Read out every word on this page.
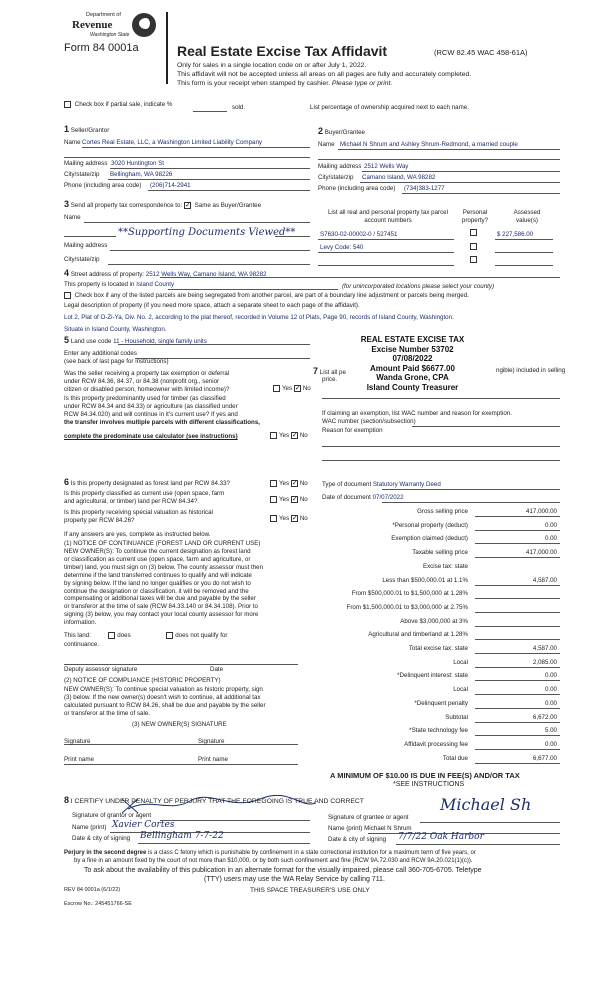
Department of
Revenue
Washington State
Form 84 0001a	Real Estate Excise Tax Affidavit	(RCW 82.45 WAC 458-61A)
Only for sales in a single location code on or after July 1, 2022.
This affidavit will not be accepted unless all areas on all pages are fully and accurately completed.
This form is your receipt when stamped by cashier. Please type or print.
Check box if partial sale, indicate %	sold.	List percentage of ownership acquired next to each name.
1 Seller/Grantor
Name Cortes Real Estate, LLC, a Washington Limited Liability Company
Mailing address 3020 Huntington St
City/state/zip Bellingham, WA 98226
Phone (including area code) (206)714-2941
2 Buyer/Grantee
Name Michael N Shrum and Ashley Shrum-Redmond, a married couple
Mailing address 2512 Wells Way
City/state/zip Camano Island, WA 98282
Phone (including area code) (734)383-1277
3 Send all property tax correspondence to: ✓ Same as Buyer/Grantee
Name
**Supporting Documents Viewed**
Mailing address
City/state/zip
List all real and personal property tax parcel account numbers
Personal property?
Assessed value(s)
S7630-02-00002-0 / 527451	$ 227,586.00
Levy Code: 540
4 Street address of property: 2512 Wells Way, Camano Island, WA 98282
This property is located in Island County	(for unincorporated locations please select your county)
Check box if any of the listed parcels are being segregated from another parcel, are part of a boundary line adjustment or parcels being merged.
Legal description of property (if you need more space, attach a separate sheet to each page of the affidavit).
Lot 2, Plat of O-Zi-Ya, Div. No. 2, according to the plat thereof, recorded in Volume 12 of Plats, Page 90, records of Island County, Washington.
Situate in Island County, Washington.
REAL ESTATE EXCISE TAX
Excise Number 53702
07/08/2022
Amount Paid $6677.00
Wanda Grone, CPA
Island County Treasurer
5 Land use code 11 - Household, single family units
Enter any additional codes
(see back of last page for instructions)
Was the seller receiving a property tax exemption or deferral
under RCW 84.36, 84.37, or 84.38 (nonprofit org., senior
citizen or disabled person, homeowner with limited income)?	Yes ✓ No
Is this property predominantly used for timber (as classified
under RCW 84.34 and 84.33) or agriculture (as classified under
RCW 84.34.020) and will continue in it's current use? If yes and
the transfer involves multiple parcels with different classifications,
complete the predominate use calculator (see instructions)	Yes ✓ No
7 List all pe	ngible) included in selling
price.
If claiming an exemption, list WAC number and reason for exemption.
WAC number (section/subsection)
Reason for exemption
6 Is this property designated as forest land per RCW 84.33?	Yes ✓ No
Is this property classified as current use (open space, farm
and agricultural, or timber) land per RCW 84.34?	Yes ✓ No
Is this property receiving special valuation as historical
property per RCW 84.26?	Yes ✓ No
If any answers are yes, complete as instructed below.
(1) NOTICE OF CONTINUANCE (FOREST LAND OR CURRENT USE)
NEW OWNER(S): To continue the current designation as forest land
or classification as current use (open space, farm and agriculture, or
timber) land, you must sign on (3) below. The county assessor must then
determine if the land transferred continues to qualify and will indicate
by signing below. If the land no longer qualifies or you do not wish to
continue the designation or classification, it will be removed and the
compensating or additional taxes will be due and payable by the seller
or transferor at the time of sale (RCW 84.33.140 or 84.34.108). Prior to
signing (3) below, you may contact your local county assessor for more
information.
This land:	does	does not qualify for
continuance.
Deputy assessor signature	Date
(2) NOTICE OF COMPLIANCE (HISTORIC PROPERTY)
NEW OWNER(S): To continue special valuation as historic property, sign
(3) below. If the new owner(s) doesn't wish to continue, all additional tax
calculated pursuant to RCW 84.26, shall be due and payable by the seller
or transferor at the time of sale.
(3) NEW OWNER(S) SIGNATURE
Signature	Signature
Print name	Print name
Type of document Statutory Warranty Deed
Date of document 07/07/2022
Gross selling price	417,000.00
*Personal property (deduct)	0.00
Exemption claimed (deduct)	0.00
Taxable selling price	417,000.00
Excise tax: state
Less than $500,000.01 at 1.1%	4,587.00
From $500,000.01 to $1,500,000 at 1.28%
From $1,500,000.01 to $3,000,000 at 2.75%
Above $3,000,000 at 3%
Agricultural and timberland at 1.28%
Total excise tax: state	4,587.00
Local	2,085.00
*Delinquent interest: state	0.00
Local	0.00
*Delinquent penalty	0.00
Subtotal	6,672.00
*State technology fee	5.00
Affidavit processing fee	0.00
Total due	6,677.00
A MINIMUM OF $10.00 IS DUE IN FEE(S) AND/OR TAX
*SEE INSTRUCTIONS
8 I CERTIFY UNDER PENALTY OF PERJURY THAT THE FOREGOING IS TRUE AND CORRECT
Signature of grantor or agent
Name (print) Xavier Cortes
Date & city of signing Bellingham 7-7-22
Signature of grantee or agent
Michael Sh
Name (print) Michael N Shrum
Date & city of signing 7/7/22 Oak Harbor
Perjury in the second degree is a class C felony which is punishable by confinement in a state correctional institution for a maximum term of five years, or
by a fine in an amount fixed by the court of not more than $10,000, or by both such confinement and fine (RCW 9A.72.030 and RCW 9A.20.021(1)(c)).
To ask about the availability of this publication in an alternate format for the visually impaired, please call 360-705-6705. Teletype
(TTY) users may use the WA Relay Service by calling 711.
REV 84 0001a (6/1/22)	THIS SPACE TREASURER'S USE ONLY
Escrow No.: 245451766-SE
